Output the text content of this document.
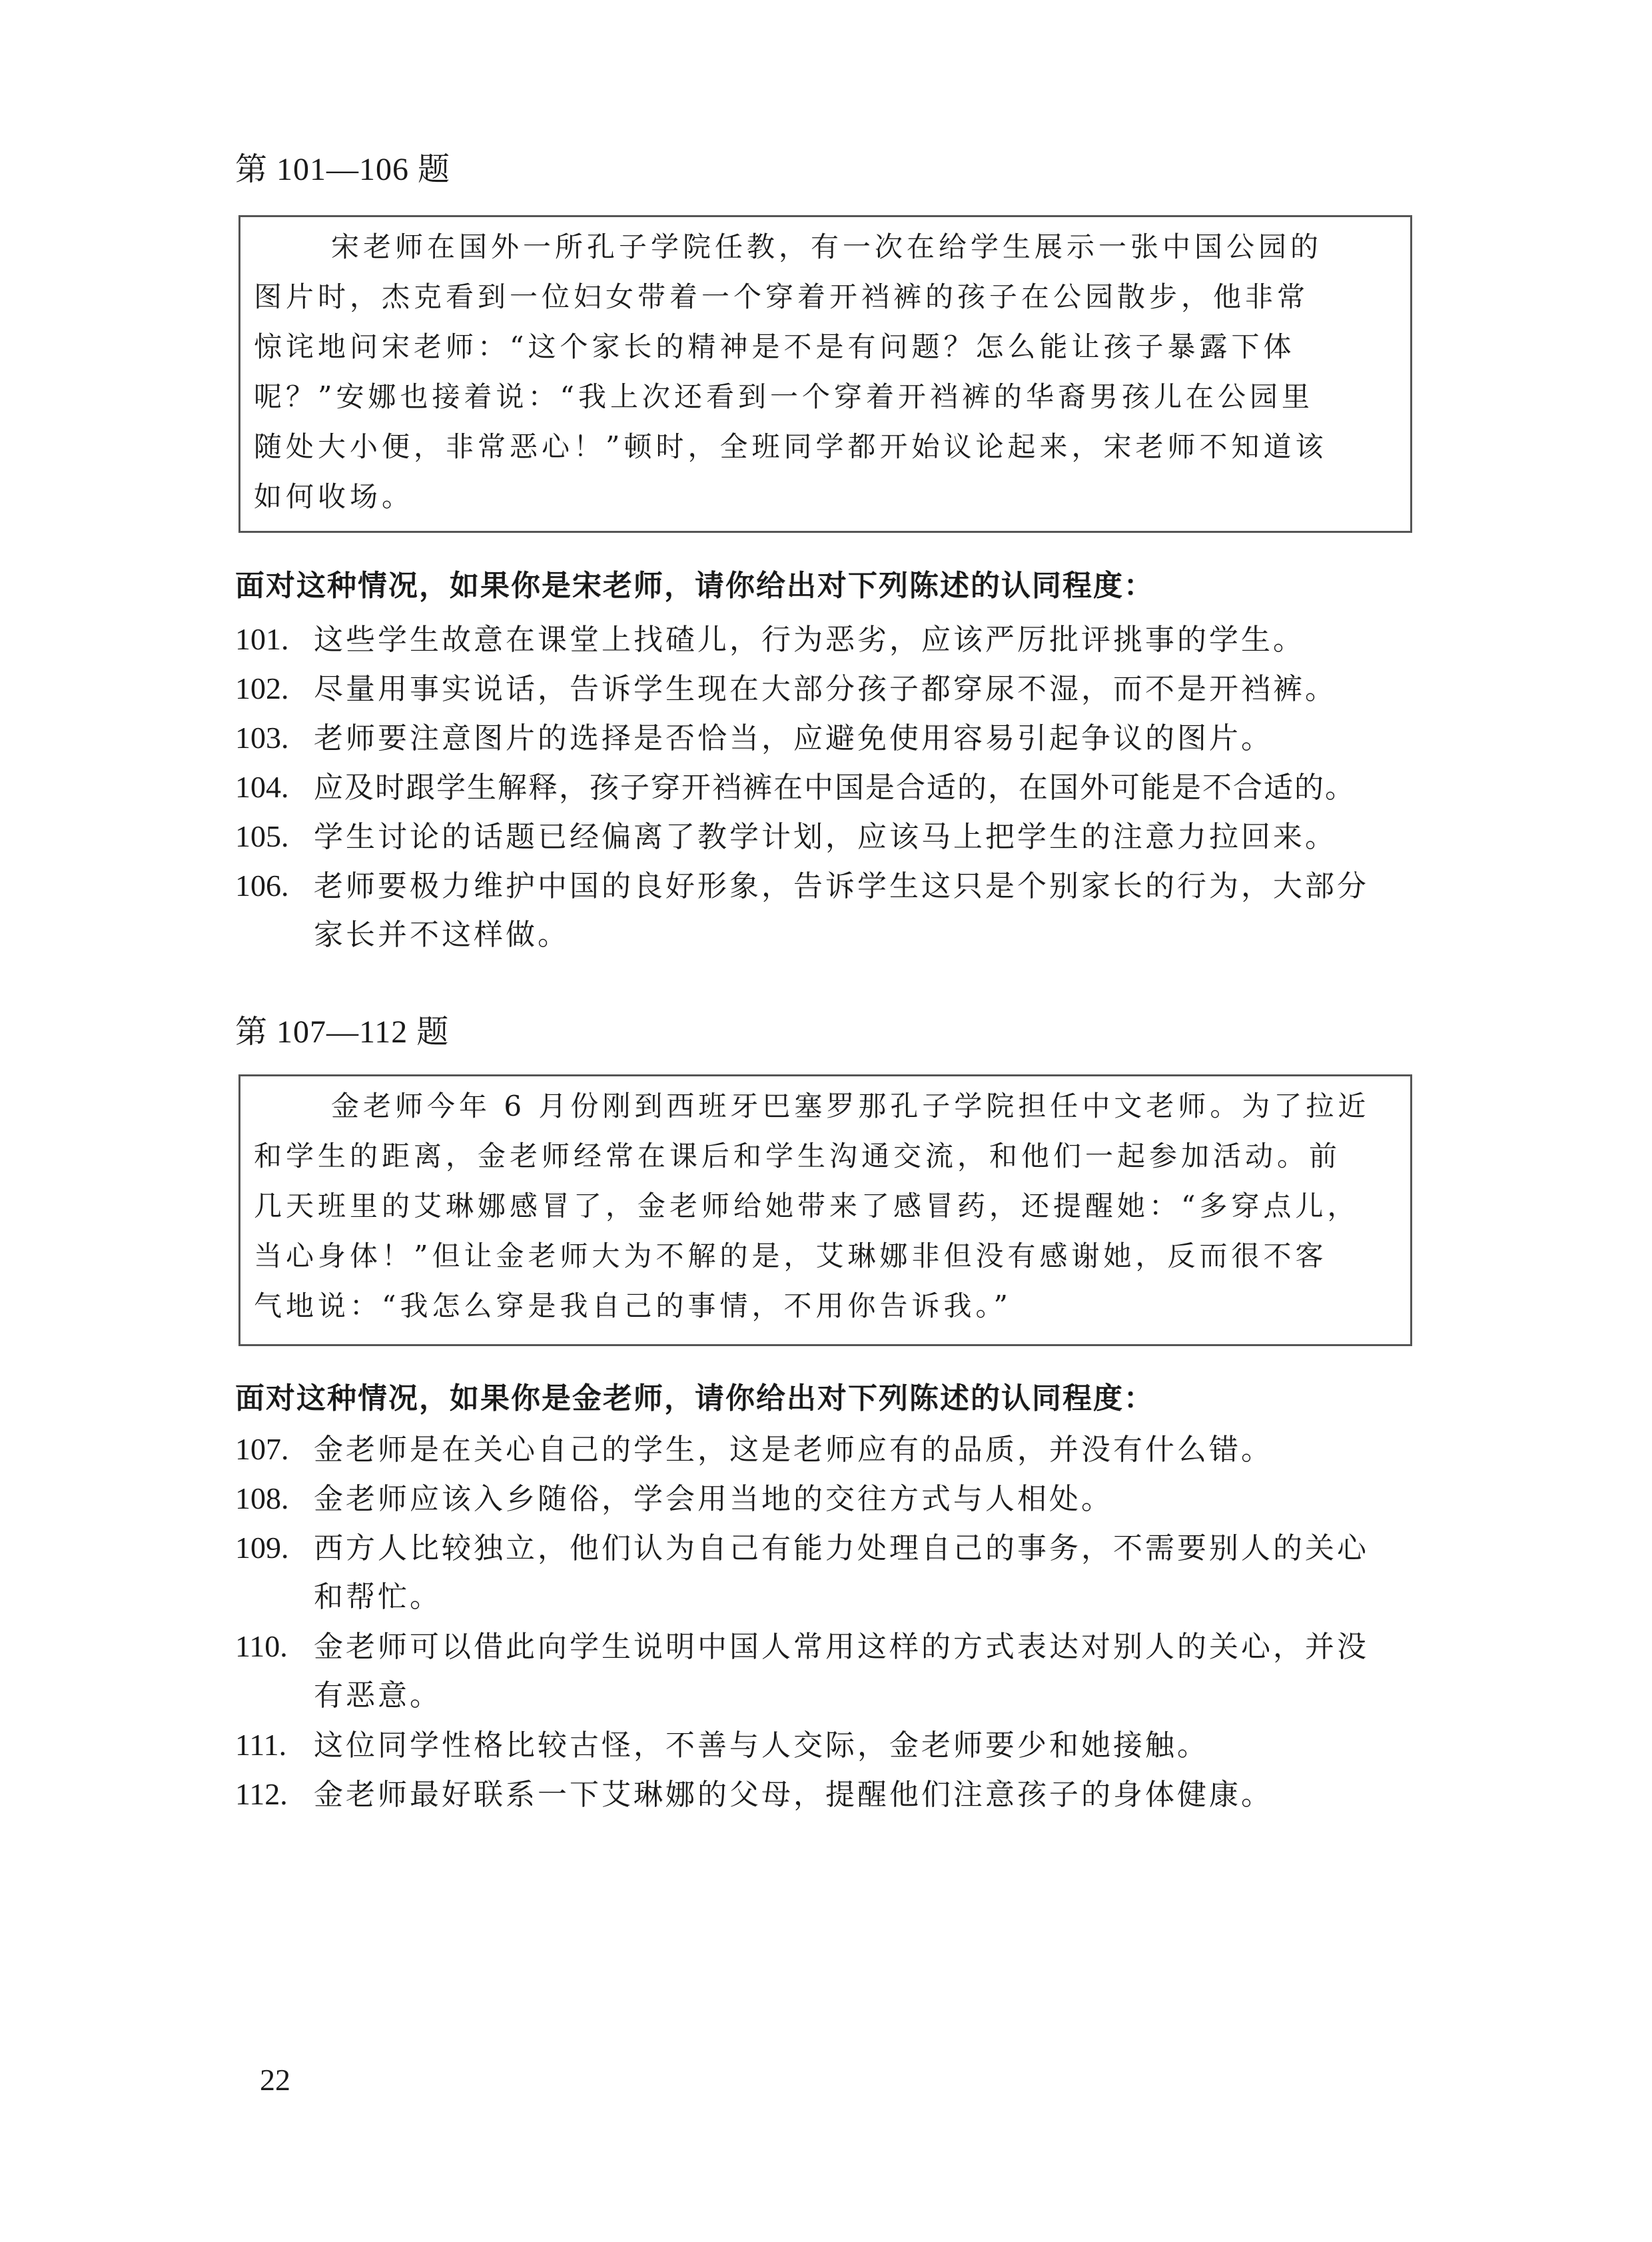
第 101—106 题
宋老师在国外一所孔子学院任教，有一次在给学生展示一张中国公园的
图片时，杰克看到一位妇女带着一个穿着开裆裤的孩子在公园散步，他非常
惊诧地问宋老师：“这个家长的精神是不是有问题？怎么能让孩子暴露下体
呢？”安娜也接着说：“我上次还看到一个穿着开裆裤的华裔男孩儿在公园里
随处大小便，非常恶心！”顿时，全班同学都开始议论起来，宋老师不知道该
如何收场。
面对这种情况，如果你是宋老师，请你给出对下列陈述的认同程度：
101. 这些学生故意在课堂上找碴儿，行为恶劣，应该严厉批评挑事的学生。
102. 尽量用事实说话，告诉学生现在大部分孩子都穿尿不湿，而不是开裆裤。
103. 老师要注意图片的选择是否恰当，应避免使用容易引起争议的图片。
104. 应及时跟学生解释，孩子穿开裆裤在中国是合适的，在国外可能是不合适的。
105. 学生讨论的话题已经偏离了教学计划，应该马上把学生的注意力拉回来。
106. 老师要极力维护中国的良好形象，告诉学生这只是个别家长的行为，大部分
家长并不这样做。
第 107—112 题
金老师今年 6 月份刚到西班牙巴塞罗那孔子学院担任中文老师。为了拉近
和学生的距离，金老师经常在课后和学生沟通交流，和他们一起参加活动。前
几天班里的艾琳娜感冒了，金老师给她带来了感冒药，还提醒她：“多穿点儿，
当心身体！”但让金老师大为不解的是，艾琳娜非但没有感谢她，反而很不客
气地说：“我怎么穿是我自己的事情，不用你告诉我。”
面对这种情况，如果你是金老师，请你给出对下列陈述的认同程度：
107. 金老师是在关心自己的学生，这是老师应有的品质，并没有什么错。
108. 金老师应该入乡随俗，学会用当地的交往方式与人相处。
109. 西方人比较独立，他们认为自己有能力处理自己的事务，不需要别人的关心
和帮忙。
110. 金老师可以借此向学生说明中国人常用这样的方式表达对别人的关心，并没
有恶意。
111. 这位同学性格比较古怪，不善与人交际，金老师要少和她接触。
112. 金老师最好联系一下艾琳娜的父母，提醒他们注意孩子的身体健康。
22
